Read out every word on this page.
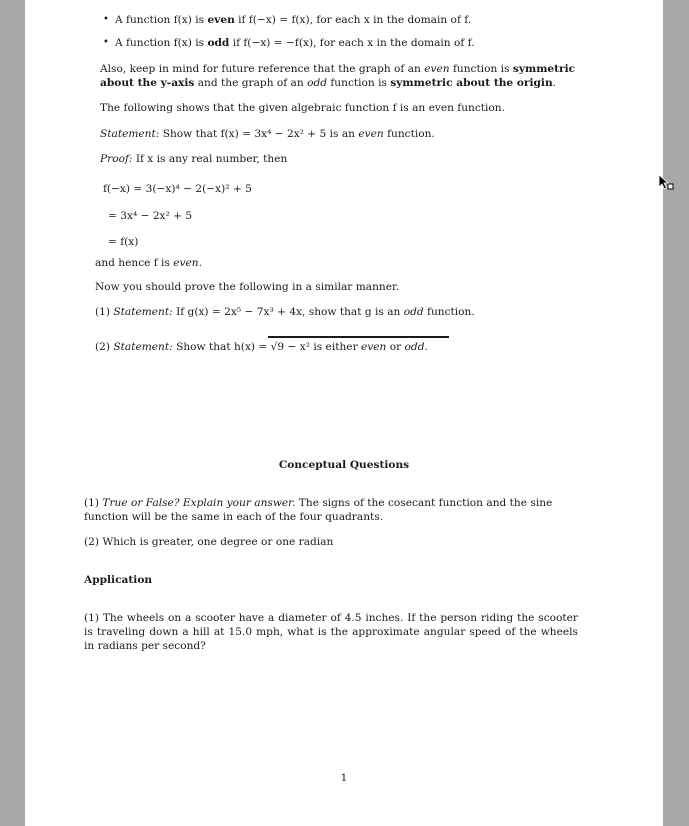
• A function f(x) is even if f(−x) = f(x), for each x in the domain of f.
• A function f(x) is odd if f(−x) = −f(x), for each x in the domain of f.
Also, keep in mind for future reference that the graph of an even function is symmetric about the y-axis and the graph of an odd function is symmetric about the origin.
The following shows that the given algebraic function f is an even function.
Statement: Show that f(x) = 3x⁴ − 2x² + 5 is an even function.
Proof: If x is any real number, then
f(−x) = 3(−x)⁴ − 2(−x)² + 5
= 3x⁴ − 2x² + 5
= f(x)
and hence f is even.
Now you should prove the following in a similar manner.
(1) Statement: If g(x) = 2x⁵ − 7x³ + 4x, show that g is an odd function.
(2) Statement: Show that h(x) = √9 − x² is either even or odd.
Conceptual Questions
(1) True or False? Explain your answer. The signs of the cosecant function and the sine function will be the same in each of the four quadrants.
(2) Which is greater, one degree or one radian
Application
(1) The wheels on a scooter have a diameter of 4.5 inches. If the person riding the scooter is traveling down a hill at 15.0 mph, what is the approximate angular speed of the wheels in radians per second?
1
